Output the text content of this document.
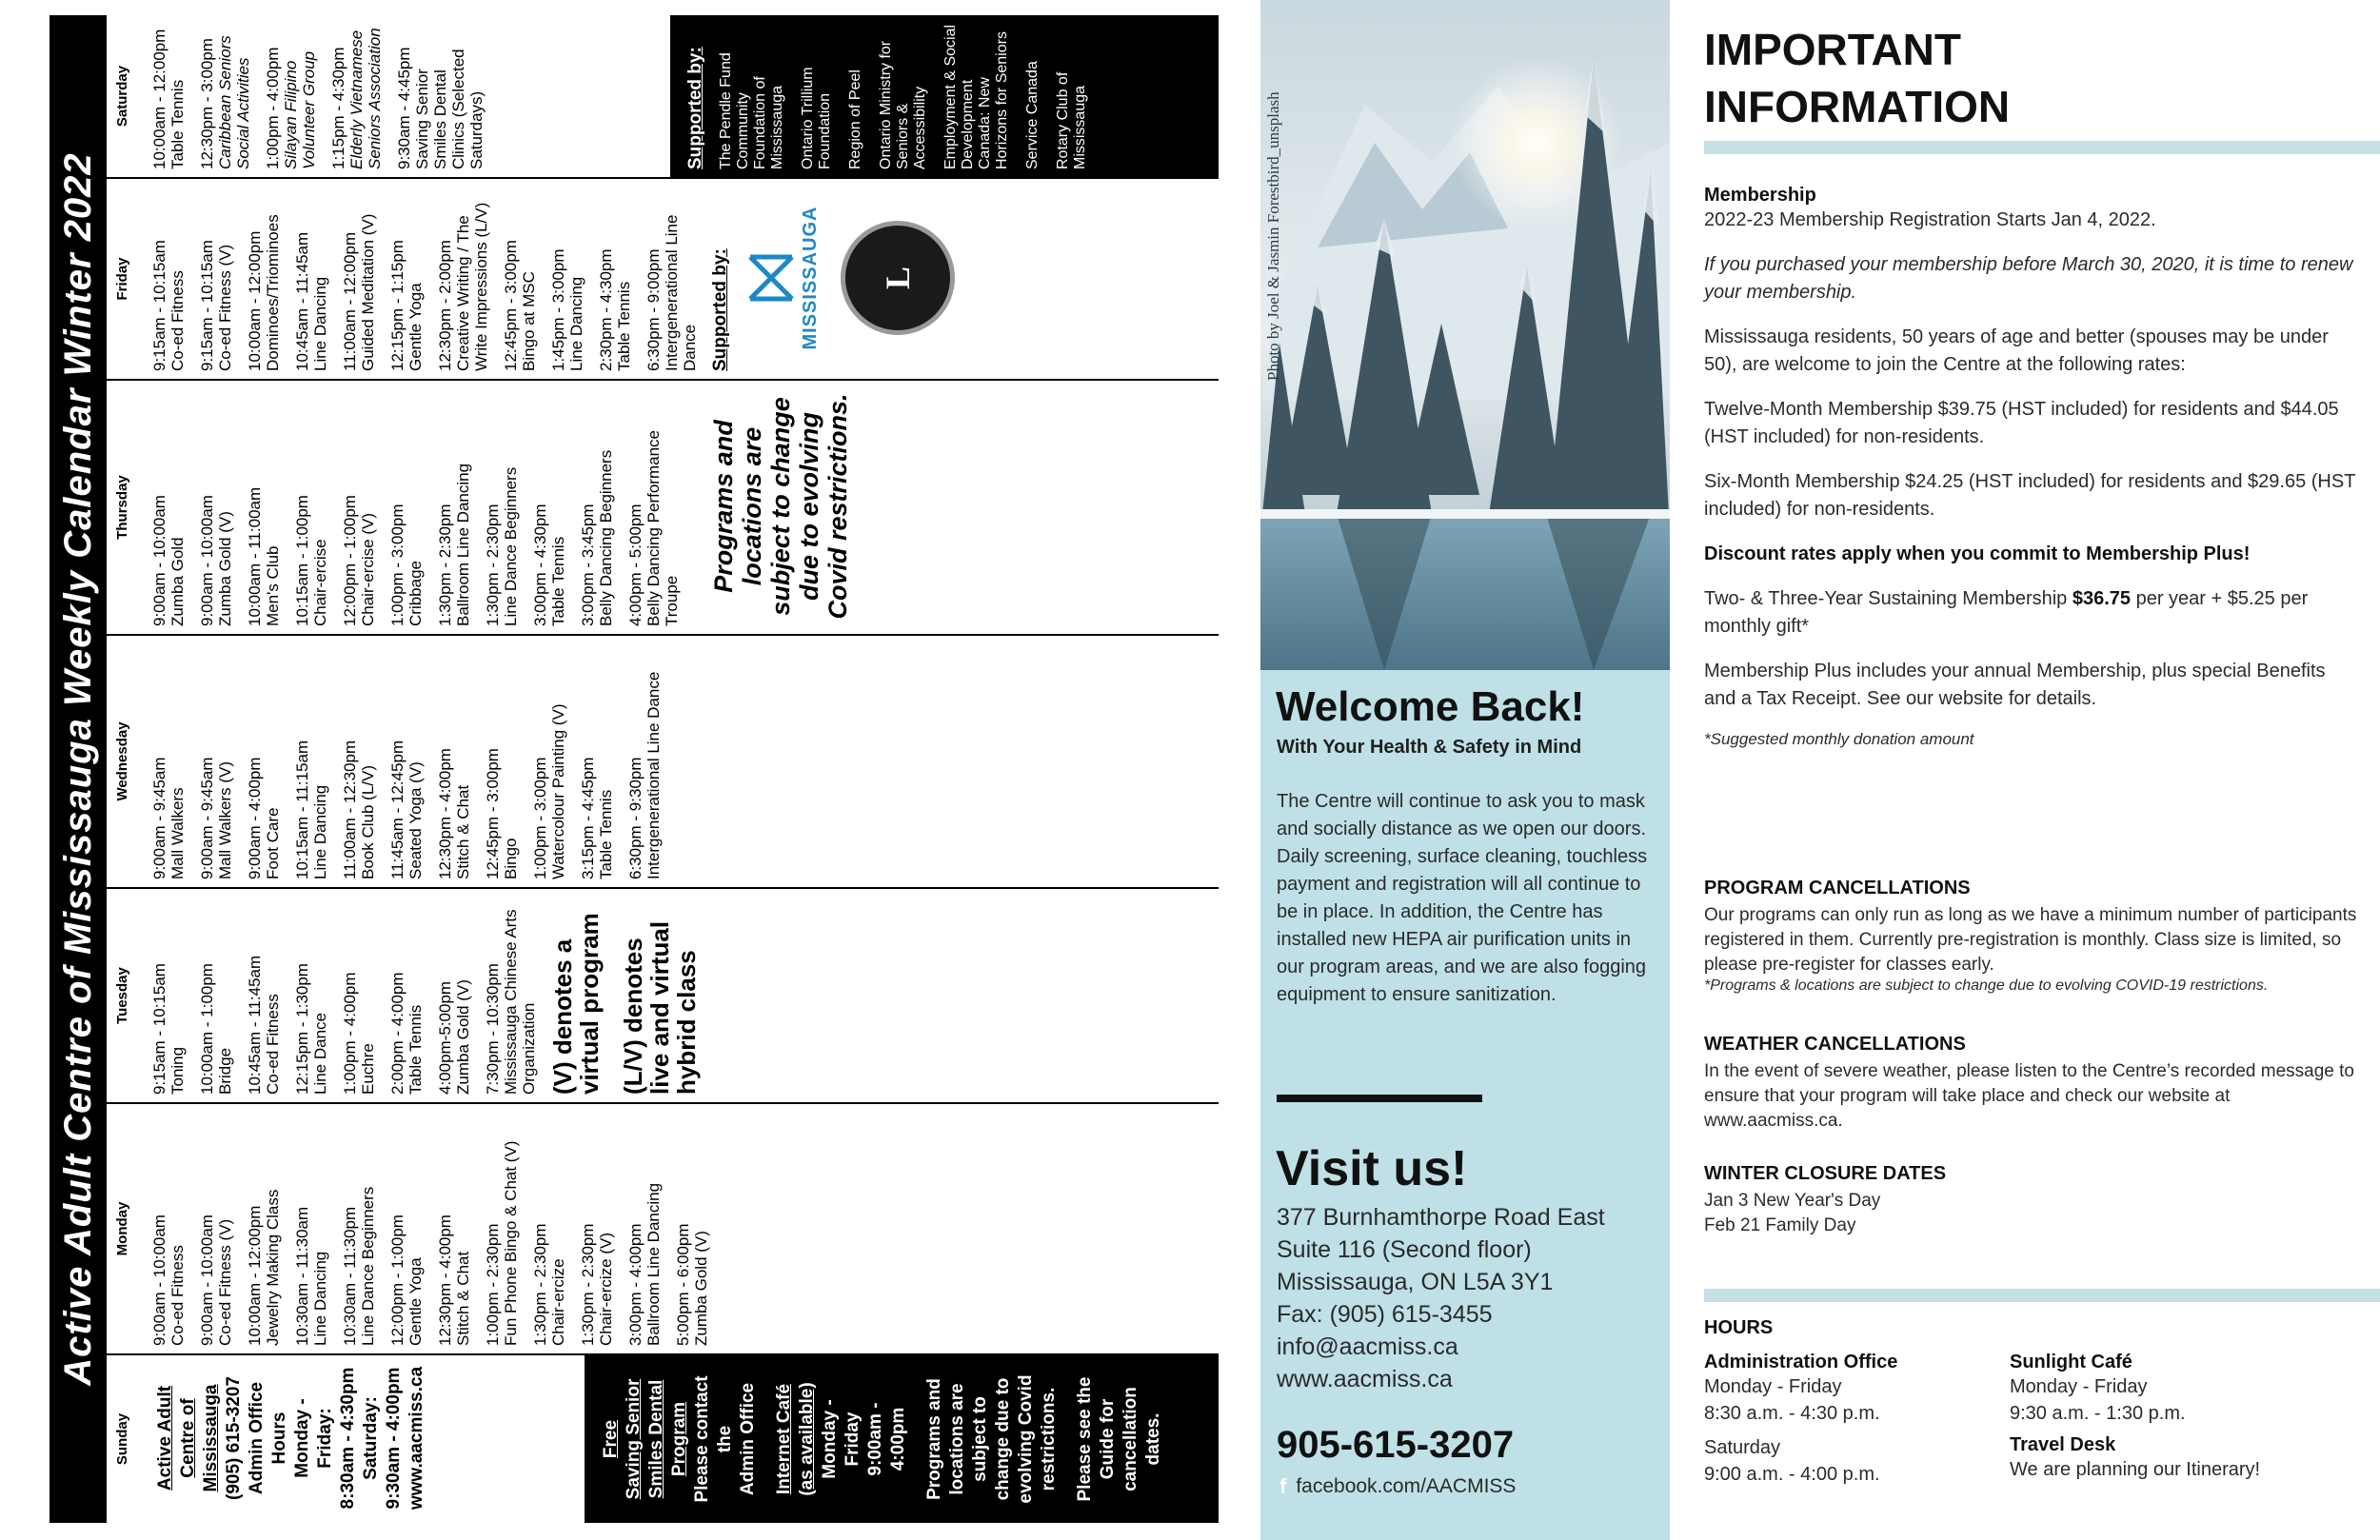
Active Adult Centre of Mississauga Weekly Calendar Winter 2022
Sunday
Monday
Tuesday
Wednesday
Thursday
Friday
Saturday
Active Adult Centre of Mississauga (905) 615-3207 Admin Office Hours Monday - Friday: 8:30am - 4:30pm Saturday: 9:30am - 4:00pm www.aacmiss.ca	Free Saving Senior Smiles Dental Program Please contact the Admin Office Internet Café (as available) Monday - Friday 9:00am - 4:00pm Programs and locations are subject to change due to evolving Covid restrictions. Please see the Guide for cancellation dates.
9:00am - 10:00am Co-ed Fitness 9:00am - 10:00am Co-ed Fitness (V) 10:00am - 12:00pm Jewelry Making Class 10:30am - 11:30am Line Dancing 10:30am - 11:30pm Line Dance Beginners 12:00pm - 1:00pm Gentle Yoga 12:30pm - 4:00pm Stitch & Chat 1:00pm - 2:30pm Fun Phone Bingo & Chat (V) 1:30pm - 2:30pm Chair-ercize 1:30pm - 2:30pm Chair-ercize (V) 3:00pm - 4:00pm Ballroom Line Dancing 5:00pm - 6:00pm Zumba Gold (V)
9:15am - 10:15am Toning 10:00am - 1:00pm Bridge 10:45am - 11:45am Co-ed Fitness 12:15pm - 1:30pm Line Dance 1:00pm - 4:00pm Euchre 2:00pm - 4:00pm Table Tennis 4:00pm-5:00pm Zumba Gold (V) 7:30pm - 10:30pm Mississauga Chinese Arts Organization (V) denotes a virtual program (L/V) denotes live and virtual hybrid class
9:00am - 9:45am Mall Walkers 9:00am - 9:45am Mall Walkers (V) 9:00am - 4:00pm Foot Care 10:15am - 11:15am Line Dancing 11:00am - 12:30pm Book Club (L/V) 11:45am - 12:45pm Seated Yoga (V) 12:30pm - 4:00pm Stitch & Chat 12:45pm - 3:00pm Bingo 1:00pm - 3:00pm Watercolour Painting (V) 3:15pm - 4:45pm Table Tennis 6:30pm - 9:30pm Intergenerational Line Dance
9:00am - 10:00am Zumba Gold 9:00am - 10:00am Zumba Gold (V) 10:00am - 11:00am Men's Club 10:15am - 1:00pm Chair-ercise 12:00pm - 1:00pm Chair-ercise (V) 1:00pm - 3:00pm Cribbage 1:30pm - 2:30pm Ballroom Line Dancing 1:30pm - 2:30pm Line Dance Beginners 3:00pm - 4:30pm Table Tennis 3:00pm - 3:45pm Belly Dancing Beginners 4:00pm - 5:00pm Belly Dancing Performance Troupe
Programs and locations are subject to change due to evolving Covid restrictions.
9:15am - 10:15am Co-ed Fitness 9:15am - 10:15am Co-ed Fitness (V) 10:00am - 12:00pm Dominoes/Triominoes 10:45am - 11:45am Line Dancing 11:00am - 12:00pm Guided Meditation (V) 12:15pm - 1:15pm Gentle Yoga 12:30pm - 2:00pm Creative Writing / The Write Impressions (L/V) 12:45pm - 3:00pm Bingo at MSC 1:45pm - 3:00pm Line Dancing 2:30pm - 4:30pm Table Tennis 6:30pm - 9:00pm Intergenerational Line Dance Supported by:	MISSISSAUGA L
10:00am - 12:00pm Table Tennis 12:30pm - 3:00pm Caribbean Seniors Social Activities 1:00pm - 4:00pm Silayan Filipino Volunteer Group 1:15pm - 4:30pm Elderly Vietnamese Seniors Association 9:30am - 4:45pm Saving Senior Smiles Dental Clinics (Selected Saturdays)	Supported by: The Pendle Fund Community Foundation of Mississauga Ontario Trillium Foundation Region of Peel Ontario Ministry for Seniors & Accessibility Employment & Social Development Canada: New Horizons for Seniors Service Canada Rotary Club of Mississauga	Photo by Joel & Jasmin Forestbird_unsplash
Welcome Back!
With Your Health & Safety in Mind
The Centre will continue to ask you to mask and socially distance as we open our doors. Daily screening, surface cleaning, touchless payment and registration will all continue to be in place. In addition, the Centre has installed new HEPA air purification units in our program areas, and we are also fogging equipment to ensure sanitization.
Visit us!
377 Burnhamthorpe Road East
Suite 116 (Second floor)
Mississauga, ON L5A 3Y1
Fax: (905) 615-3455
info@aacmiss.ca
www.aacmiss.ca
905-615-3207
f facebook.com/AACMISS
IMPORTANT
INFORMATION
Membership
2022-23 Membership Registration Starts Jan 4, 2022.
If you purchased your membership before March 30, 2020, it is time to renew your membership.
Mississauga residents, 50 years of age and better (spouses may be under 50), are welcome to join the Centre at the following rates:
Twelve-Month Membership $39.75 (HST included) for residents and $44.05 (HST included) for non-residents.
Six-Month Membership $24.25 (HST included) for residents and $29.65 (HST included) for non-residents.
Discount rates apply when you commit to Membership Plus!
Two- & Three-Year Sustaining Membership $36.75 per year + $5.25 per monthly gift*
Membership Plus includes your annual Membership, plus special Benefits and a Tax Receipt. See our website for details.
*Suggested monthly donation amount
PROGRAM CANCELLATIONS
Our programs can only run as long as we have a minimum number of participants registered in them. Currently pre-registration is monthly. Class size is limited, so please pre-register for classes early.
*Programs & locations are subject to change due to evolving COVID-19 restrictions.
WEATHER CANCELLATIONS
In the event of severe weather, please listen to the Centre’s recorded message to ensure that your program will take place and check our website at www.aacmiss.ca.
WINTER CLOSURE DATES
Jan 3 New Year's Day
Feb 21 Family Day
HOURS
Administration Office
Monday - Friday
8:30 a.m. - 4:30 p.m.
Saturday
9:00 a.m. - 4:00 p.m.
Sunlight Café
Monday - Friday
9:30 a.m. - 1:30 p.m.
Travel Desk
We are planning our Itinerary!
